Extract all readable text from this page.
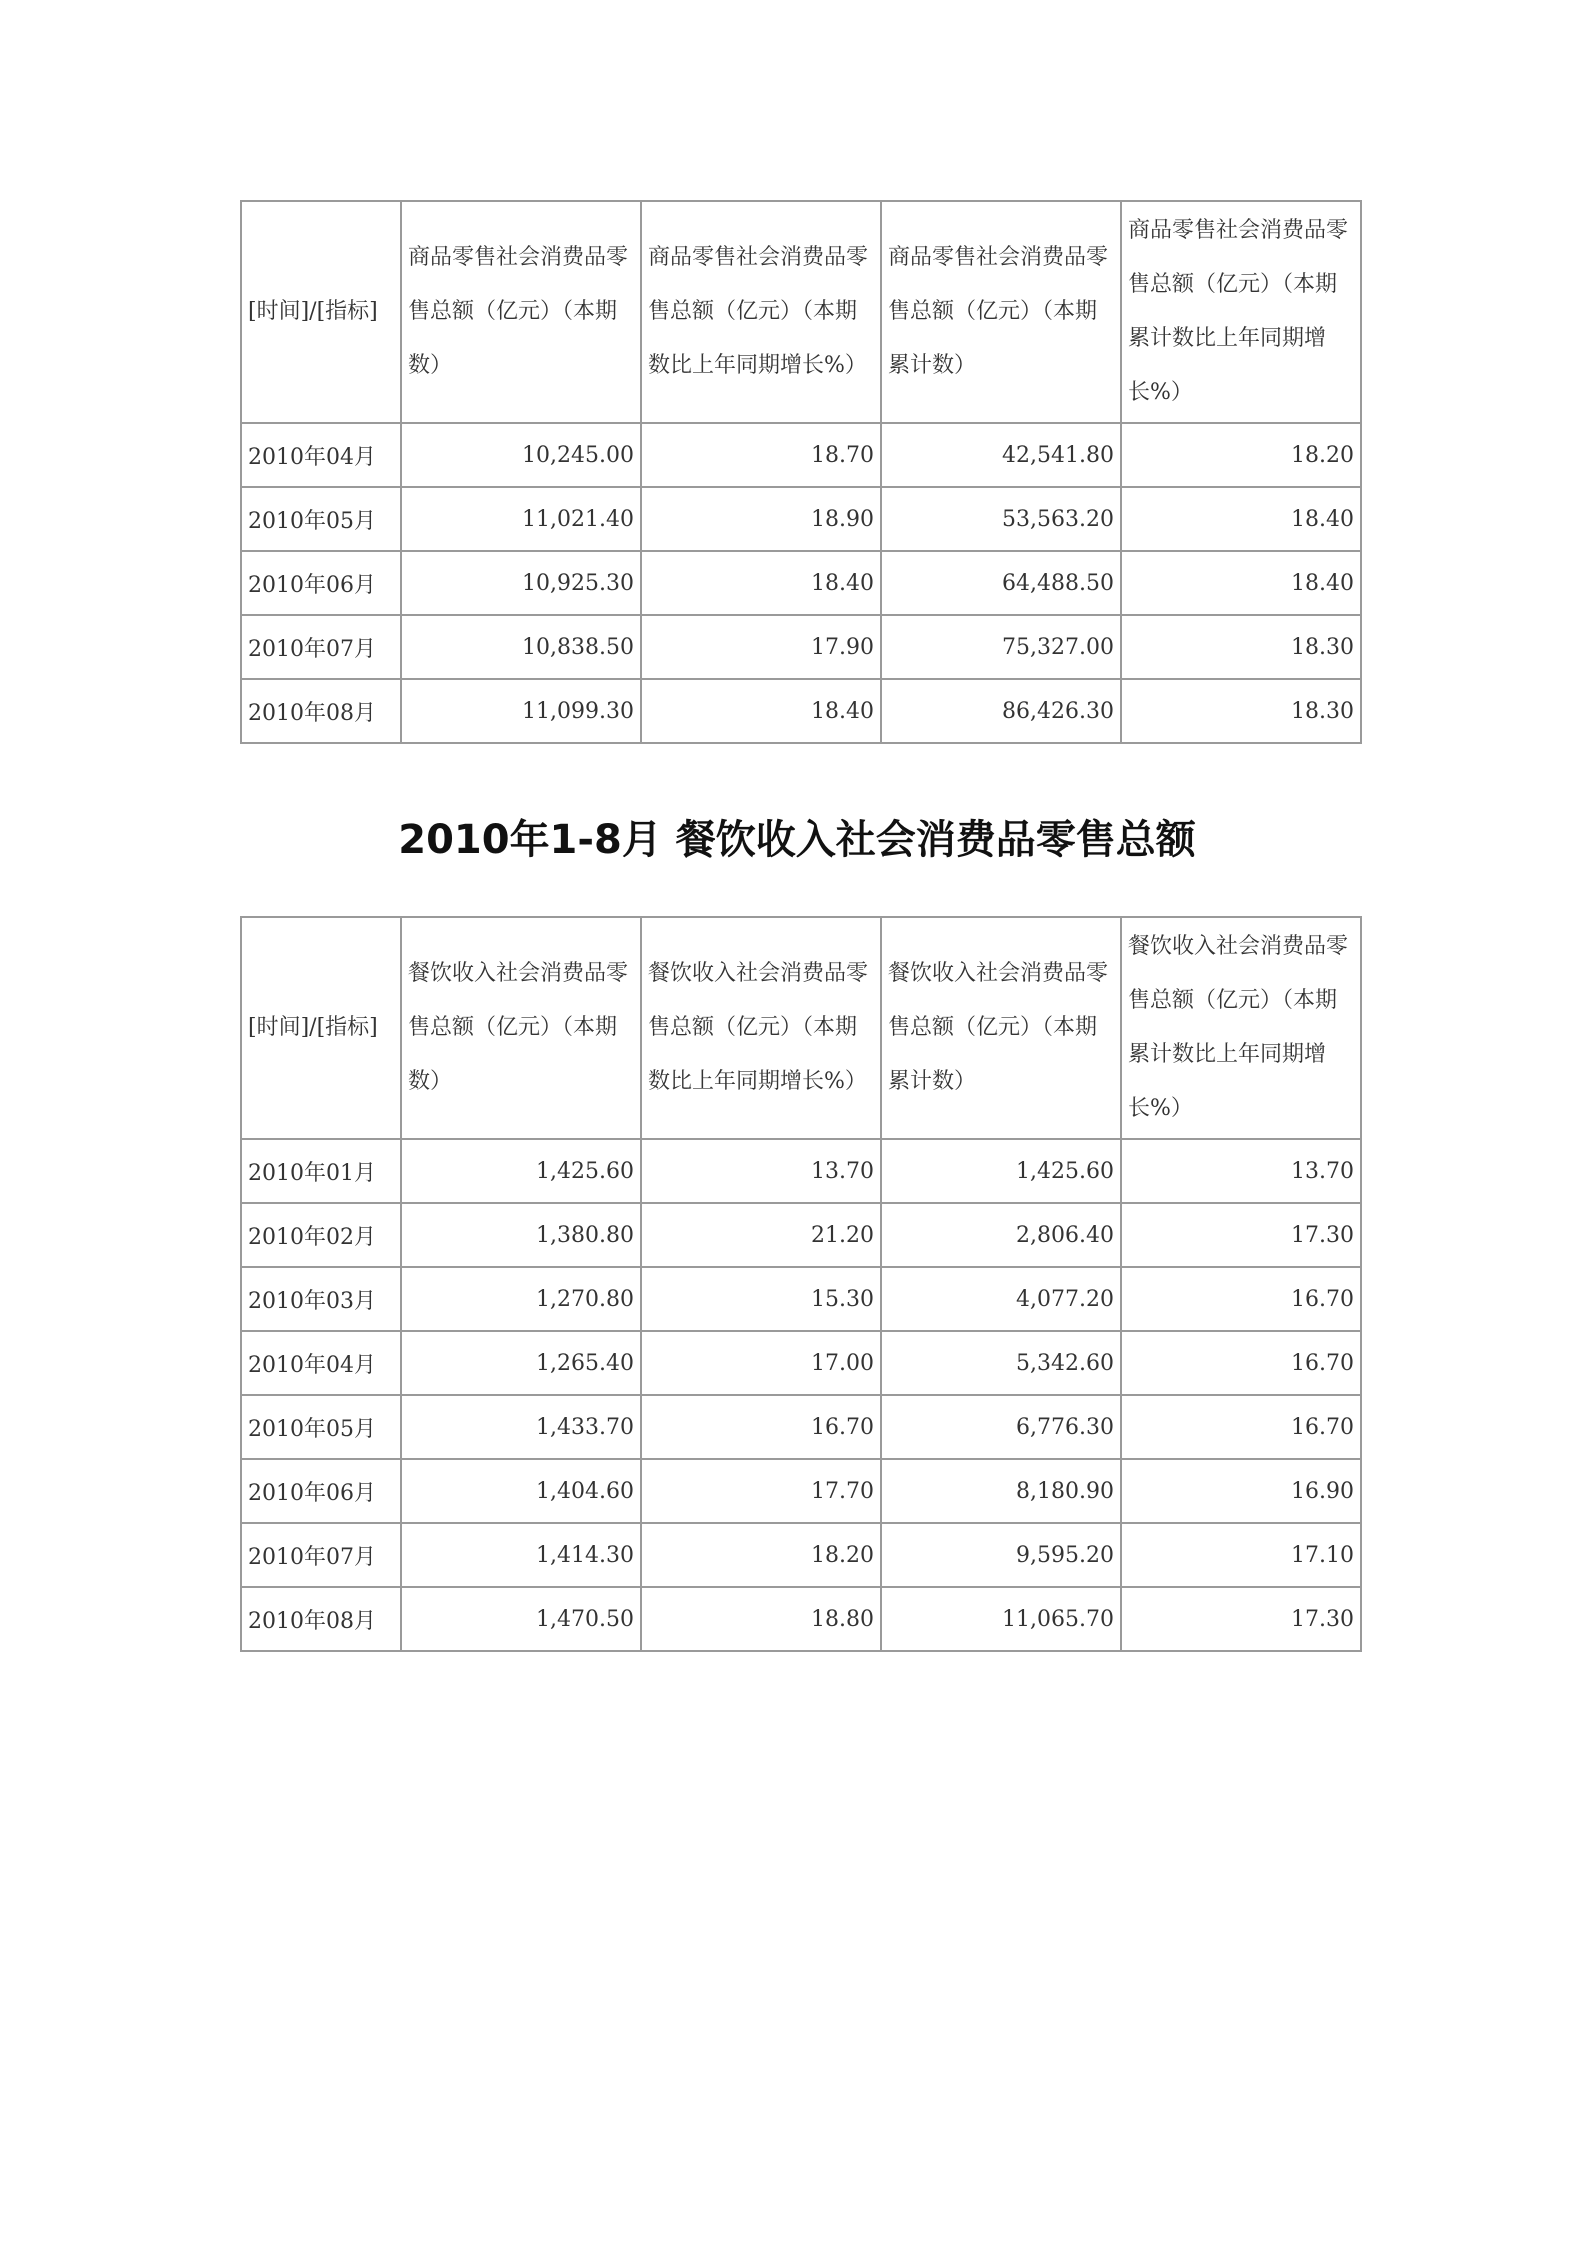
[时间]/[指标]	商品零售社会消费品零售总额（亿元）（本期数）	商品零售社会消费品零售总额（亿元）（本期数比上年同期增长%）	商品零售社会消费品零售总额（亿元）（本期累计数）	商品零售社会消费品零售总额（亿元）（本期累计数比上年同期增长%）
2010年04月	10,245.00	18.70	42,541.80	18.20
2010年05月	11,021.40	18.90	53,563.20	18.40
2010年06月	10,925.30	18.40	64,488.50	18.40
2010年07月	10,838.50	17.90	75,327.00	18.30
2010年08月	11,099.30	18.40	86,426.30	18.30
2010年1-8月 餐饮收入社会消费品零售总额
[时间]/[指标]	餐饮收入社会消费品零售总额（亿元）（本期数）	餐饮收入社会消费品零售总额（亿元）（本期数比上年同期增长%）	餐饮收入社会消费品零售总额（亿元）（本期累计数）	餐饮收入社会消费品零售总额（亿元）（本期累计数比上年同期增长%）
2010年01月	1,425.60	13.70	1,425.60	13.70
2010年02月	1,380.80	21.20	2,806.40	17.30
2010年03月	1,270.80	15.30	4,077.20	16.70
2010年04月	1,265.40	17.00	5,342.60	16.70
2010年05月	1,433.70	16.70	6,776.30	16.70
2010年06月	1,404.60	17.70	8,180.90	16.90
2010年07月	1,414.30	18.20	9,595.20	17.10
2010年08月	1,470.50	18.80	11,065.70	17.30
